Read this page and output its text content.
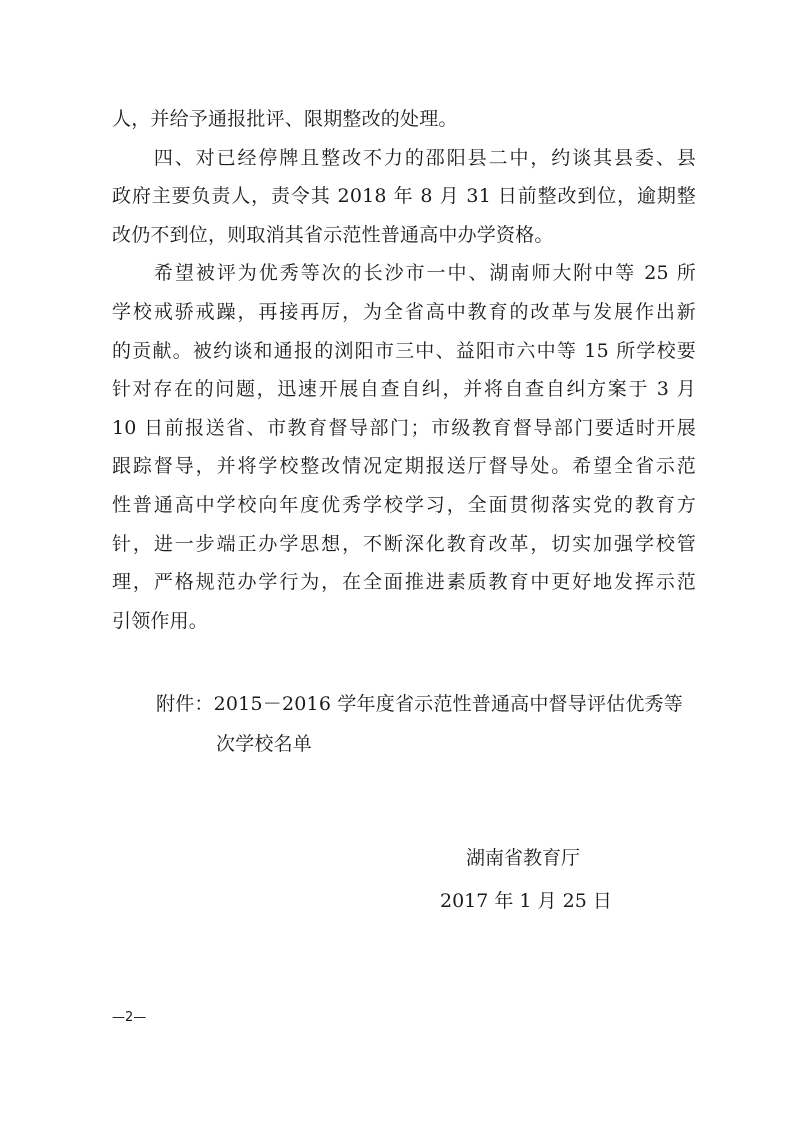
人，并给予通报批评、限期整改的处理。
　　四、对已经停牌且整改不力的邵阳县二中，约谈其县委、县
政府主要负责人，责令其 2018 年 8 月 31 日前整改到位，逾期整
改仍不到位，则取消其省示范性普通高中办学资格。
　　希望被评为优秀等次的长沙市一中、湖南师大附中等 25 所
学校戒骄戒躁，再接再厉，为全省高中教育的改革与发展作出新
的贡献。被约谈和通报的浏阳市三中、益阳市六中等 15 所学校要
针对存在的问题，迅速开展自查自纠，并将自查自纠方案于 3 月
10 日前报送省、市教育督导部门；市级教育督导部门要适时开展
跟踪督导，并将学校整改情况定期报送厅督导处。希望全省示范
性普通高中学校向年度优秀学校学习，全面贯彻落实党的教育方
针，进一步端正办学思想，不断深化教育改革，切实加强学校管
理，严格规范办学行为，在全面推进素质教育中更好地发挥示范
引领作用。
附件：2015－2016 学年度省示范性普通高中督导评估优秀等
次学校名单
湖南省教育厅
2017 年 1 月 25 日
—2—
